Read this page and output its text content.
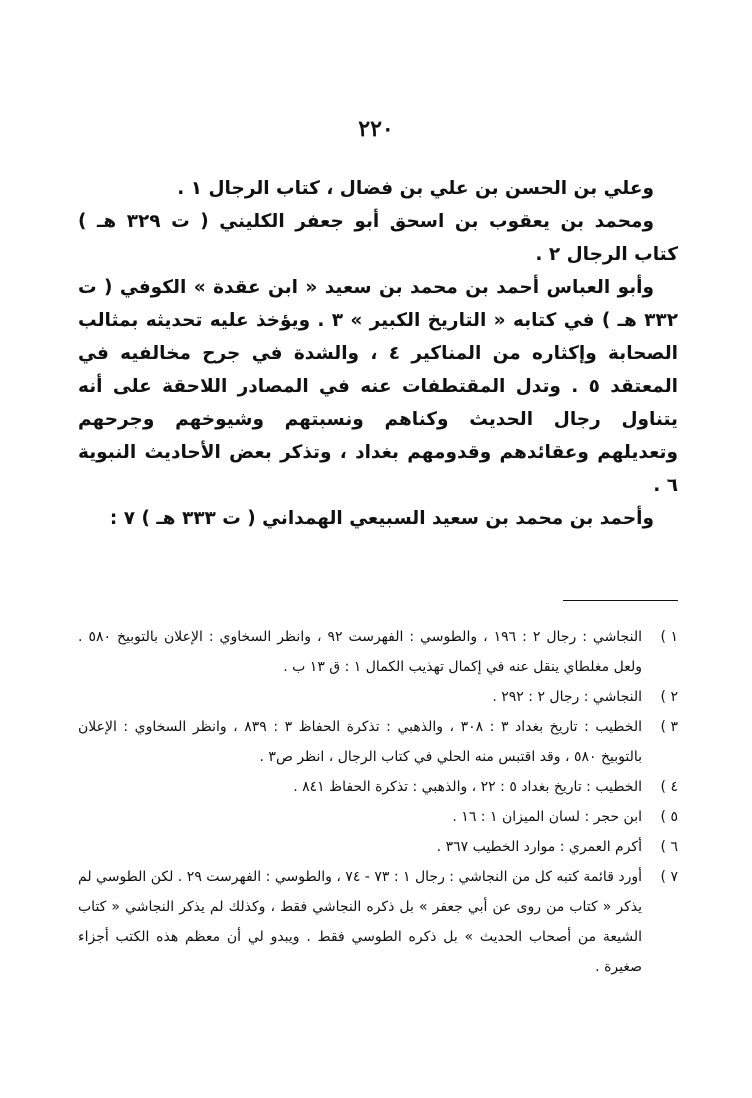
٢٢٠

وعلي بن الحسن بن علي بن فضال ، كتاب الرجال ١ .

ومحمد بن يعقوب بن اسحق أبو جعفر الكليني ( ت ٣٢٩ هـ ) كتاب الرجال ٢ .

وأبو العباس أحمد بن محمد بن سعيد « ابن عقدة » الكوفي ( ت ٣٣٢ هـ ) في كتابه « التاريخ الكبير » ٣ . ويؤخذ عليه تحديثه بمثالب الصحابة وإكثاره من المناكير ٤ ، والشدة في جرح مخالفيه في المعتقد ٥ . وتدل المقتطفات عنه في المصادر اللاحقة على أنه يتناول رجال الحديث وكناهم ونسبتهم وشيوخهم وجرحهم وتعديلهم وعقائدهم وقدومهم بغداد ، وتذكر بعض الأحاديث النبوية ٦ .

وأحمد بن محمد بن سعيد السبيعي الهمداني ( ت ٣٣٣ هـ ) ٧ :

١ )النجاشي : رجال ٢ : ١٩٦ ، والطوسي : الفهرست ٩٢ ، وانظر السخاوي : الإعلان بالتوبيخ ٥٨٠ . ولعل مغلطاي ينقل عنه في إكمال تهذيب الكمال ١ : ق ١٣ ب .

٢ )النجاشي : رجال ٢ : ٢٩٢ .

٣ )الخطيب : تاريخ بغداد ٣ : ٣٠٨ ، والذهبي : تذكرة الحفاظ ٣ : ٨٣٩ ، وانظر السخاوي : الإعلان بالتوبيخ ٥٨٠ ، وقد اقتبس منه الحلي في كتاب الرجال ، انظر ص٣ .

٤ )الخطيب : تاريخ بغداد ٥ : ٢٢ ، والذهبي : تذكرة الحفاظ ٨٤١ .

٥ )ابن حجر : لسان الميزان ١ : ١٦ .

٦ )أكرم العمري : موارد الخطيب ٣٦٧ .

٧ )أورد قائمة كتبه كل من النجاشي : رجال ١ : ٧٣ - ٧٤ ، والطوسي : الفهرست ٢٩ . لكن الطوسي لم يذكر « كتاب من روى عن أبي جعفر » بل ذكره النجاشي فقط ، وكذلك لم يذكر النجاشي « كتاب الشيعة من أصحاب الحديث » بل ذكره الطوسي فقط . ويبدو لي أن معظم هذه الكتب أجزاء صغيرة .
